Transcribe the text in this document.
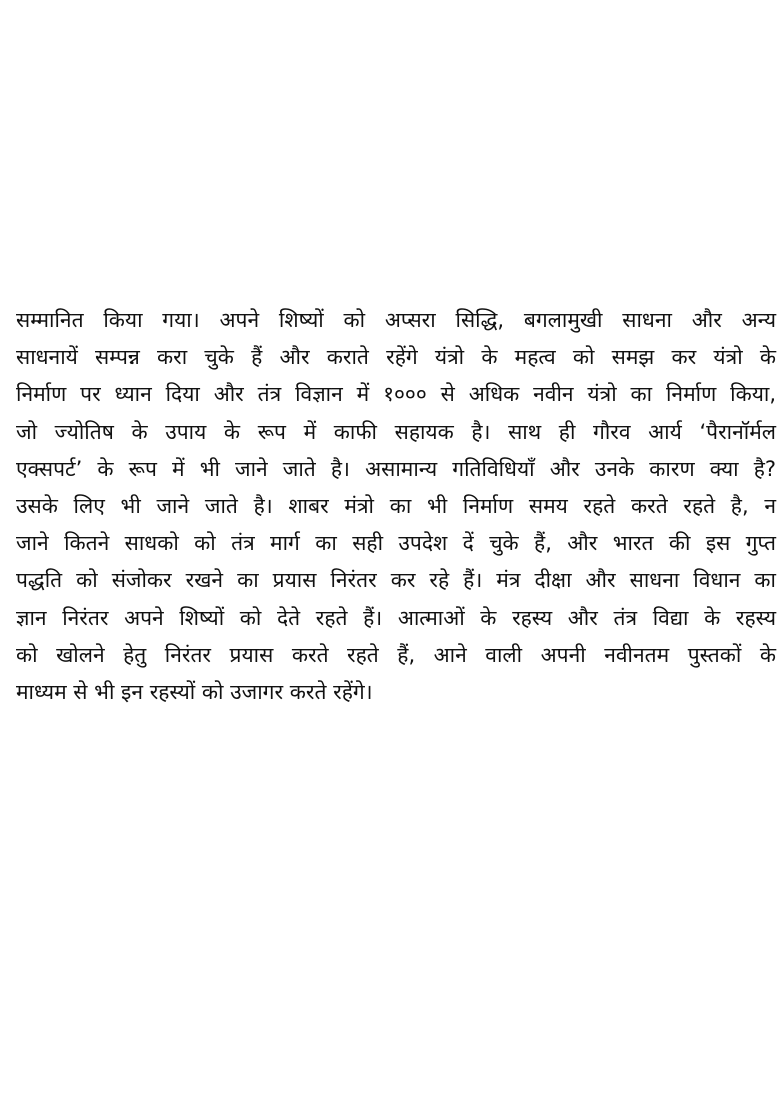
सम्मानित किया गया। अपने शिष्यों को अप्सरा सिद्धि, बगलामुखी साधना और अन्य
साधनायें सम्पन्न करा चुके हैं और कराते रहेंगे यंत्रो के महत्व को समझ कर यंत्रो के
निर्माण पर ध्यान दिया और तंत्र विज्ञान में १००० से अधिक नवीन यंत्रो का निर्माण किया,
जो ज्योतिष के उपाय के रूप में काफी सहायक है। साथ ही गौरव आर्य ‘पैरानॉर्मल
एक्सपर्ट’ के रूप में भी जाने जाते है। असामान्य गतिविधियाँ और उनके कारण क्या है?
उसके लिए भी जाने जाते है। शाबर मंत्रो का भी निर्माण समय रहते करते रहते है, न
जाने कितने साधको को तंत्र मार्ग का सही उपदेश दें चुके हैं, और भारत की इस गुप्त
पद्धति को संजोकर रखने का प्रयास निरंतर कर रहे हैं। मंत्र दीक्षा और साधना विधान का
ज्ञान निरंतर अपने शिष्यों को देते रहते हैं। आत्माओं के रहस्य और तंत्र विद्या के रहस्य
को खोलने हेतु निरंतर प्रयास करते रहते हैं, आने वाली अपनी नवीनतम पुस्तकों के
माध्यम से भी इन रहस्यों को उजागर करते रहेंगे।
